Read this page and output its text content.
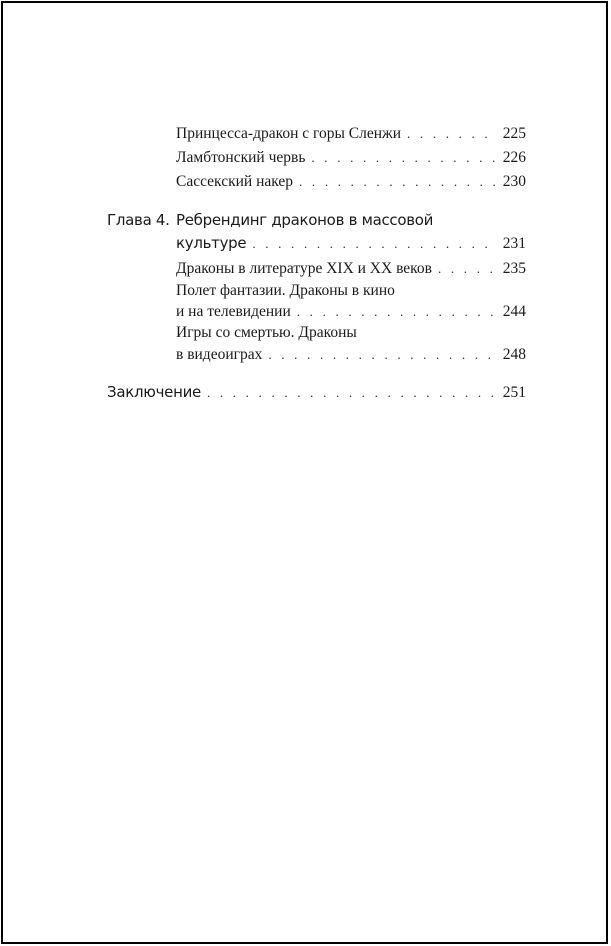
Принцесса-дракон с горы Сленжи . . .	225
Ламбтонский червь . . .	226
Сассекский накер . . .	230
Глава 4. Ребрендинг драконов в массовой
культуре . . .	231
Драконы в литературе XIX и XX веков . . .	235
Полет фантазии. Драконы в кино
и на телевидении . . .	244
Игры со смертью. Драконы
в видеоиграх . . .	248
Заключение . . .	251
